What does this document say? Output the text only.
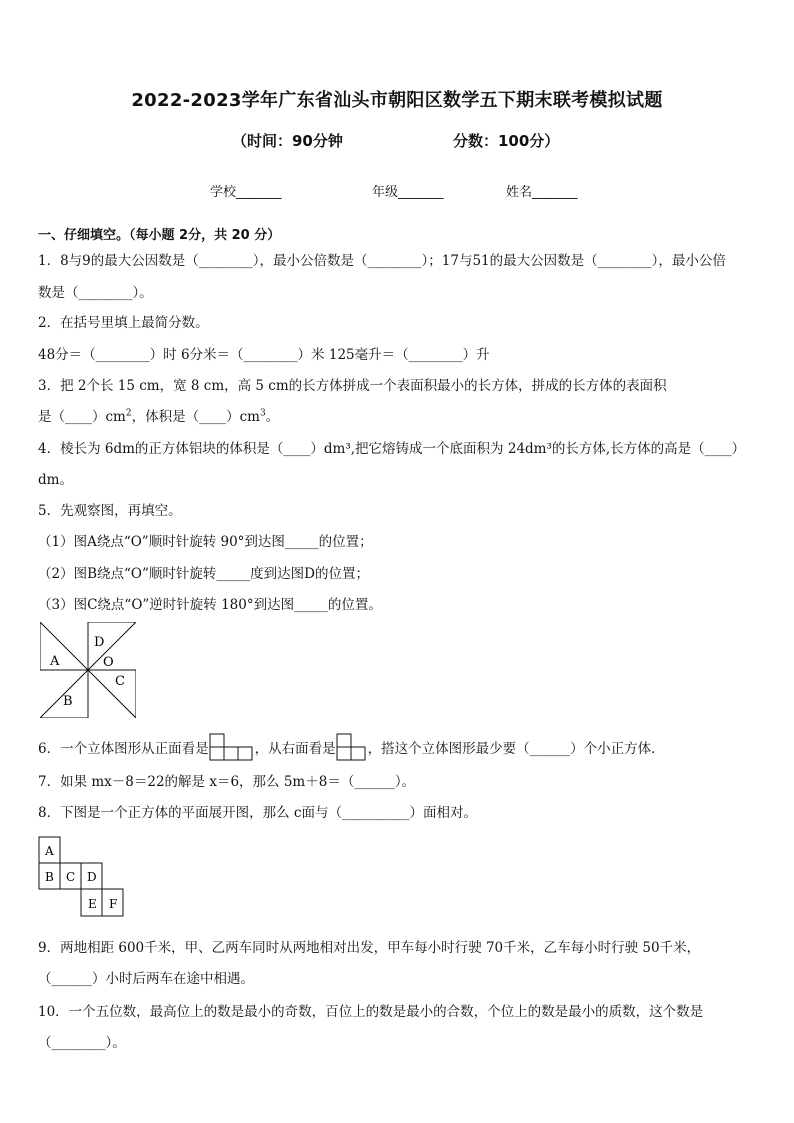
2022-2023学年广东省汕头市朝阳区数学五下期末联考模拟试题
（时间：90分钟	分数：100分）
学校_______	年级_______	姓名_______
一、仔细填空。（每小题 2分，共 20 分）
1．8与9的最大公因数是（________），最小公倍数是（________）；17与51的最大公因数是（________），最小公倍
数是（________）。
2．在括号里填上最简分数。
48分＝（________）时 6分米＝（________）米 125毫升＝（________）升
3．把 2个长 15 cm，宽 8 cm，高 5 cm的长方体拼成一个表面积最小的长方体，拼成的长方体的表面积
是$(\_\_\_\_)cm^2$，体积是$(\_\_\_\_)cm^3$。
4．棱长为 6dm的正方体铝块的体积是（____）dm³,把它熔铸成一个底面积为 24dm³的长方体,长方体的高是（____）
dm。
5．先观察图，再填空。
（1）图A绕点“O”顺时针旋转 90°到达图_____的位置；
（2）图B绕点“O”顺时针旋转_____度到达图D的位置；
（3）图C绕点“O”逆时针旋转 180°到达图_____的位置。
A
D
O
C
B
6．一个立体图形从正面看是	，从右面看是 ，搭这个立体图形最少要（______）个小正方体．
7．如果 mx－8＝22的解是 x＝6，那么 5m＋8＝（______）。
8．下图是一个正方体的平面展开图，那么 c面与（__________）面相对。
A
B C D
E F
9．两地相距 600千米，甲、乙两车同时从两地相对出发，甲车每小时行驶 70千米，乙车每小时行驶 50千米，
（______）小时后两车在途中相遇。
10．一个五位数，最高位上的数是最小的奇数，百位上的数是最小的合数，个位上的数是最小的质数，这个数是
（________）。
